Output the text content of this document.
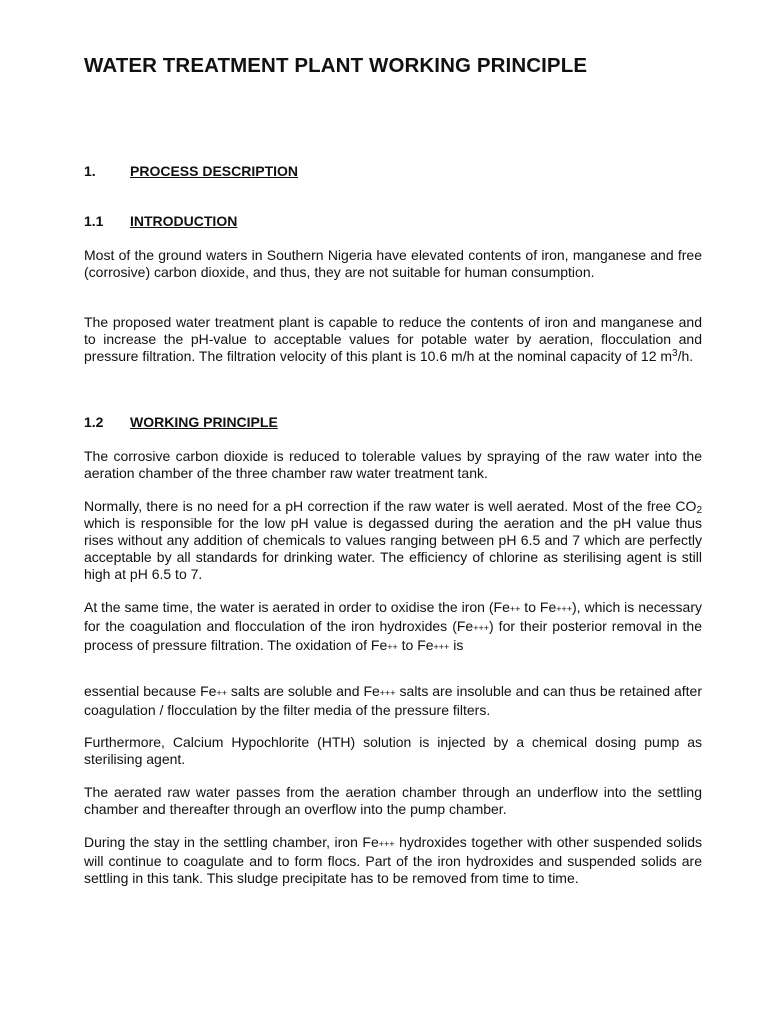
WATER TREATMENT PLANT WORKING PRINCIPLE
1. PROCESS DESCRIPTION
1.1 INTRODUCTION

Most of the ground waters in Southern Nigeria have elevated contents of iron, manganese and free (corrosive) carbon dioxide, and thus, they are not suitable for human consumption.

The proposed water treatment plant is capable to reduce the contents of iron and manganese and to increase the pH-value to acceptable values for potable water by aeration, flocculation and pressure filtration. The filtration velocity of this plant is 10.6 m/h at the nominal capacity of 12 $m^3/h$.

1.2 WORKING PRINCIPLE

The corrosive carbon dioxide is reduced to tolerable values by spraying of the raw water into the aeration chamber of the three chamber raw water treatment tank.

Normally, there is no need for a pH correction if the raw water is well aerated. Most of the free $CO_2$ which is responsible for the low pH value is degassed during the aeration and the pH value thus rises without any addition of chemicals to values ranging between pH 6.5 and 7 which are perfectly acceptable by all standards for drinking water. The efficiency of chlorine as sterilising agent is still high at pH 6.5 to 7.

At the same time, the water is aerated in order to oxidise the iron (Fe++ to Fe+++), which is necessary for the coagulation and flocculation of the iron hydroxides (Fe+++) for their posterior removal in the process of pressure filtration. The oxidation of Fe++ to Fe+++ is

essential because Fe++ salts are soluble and Fe+++ salts are insoluble and can thus be retained after coagulation / flocculation by the filter media of the pressure filters.

Furthermore, Calcium Hypochlorite (HTH) solution is injected by a chemical dosing pump as sterilising agent.

The aerated raw water passes from the aeration chamber through an underflow into the settling chamber and thereafter through an overflow into the pump chamber.

During the stay in the settling chamber, iron Fe+++ hydroxides together with other suspended solids will continue to coagulate and to form flocs. Part of the iron hydroxides and suspended solids are settling in this tank. This sludge precipitate has to be removed from time to time.
